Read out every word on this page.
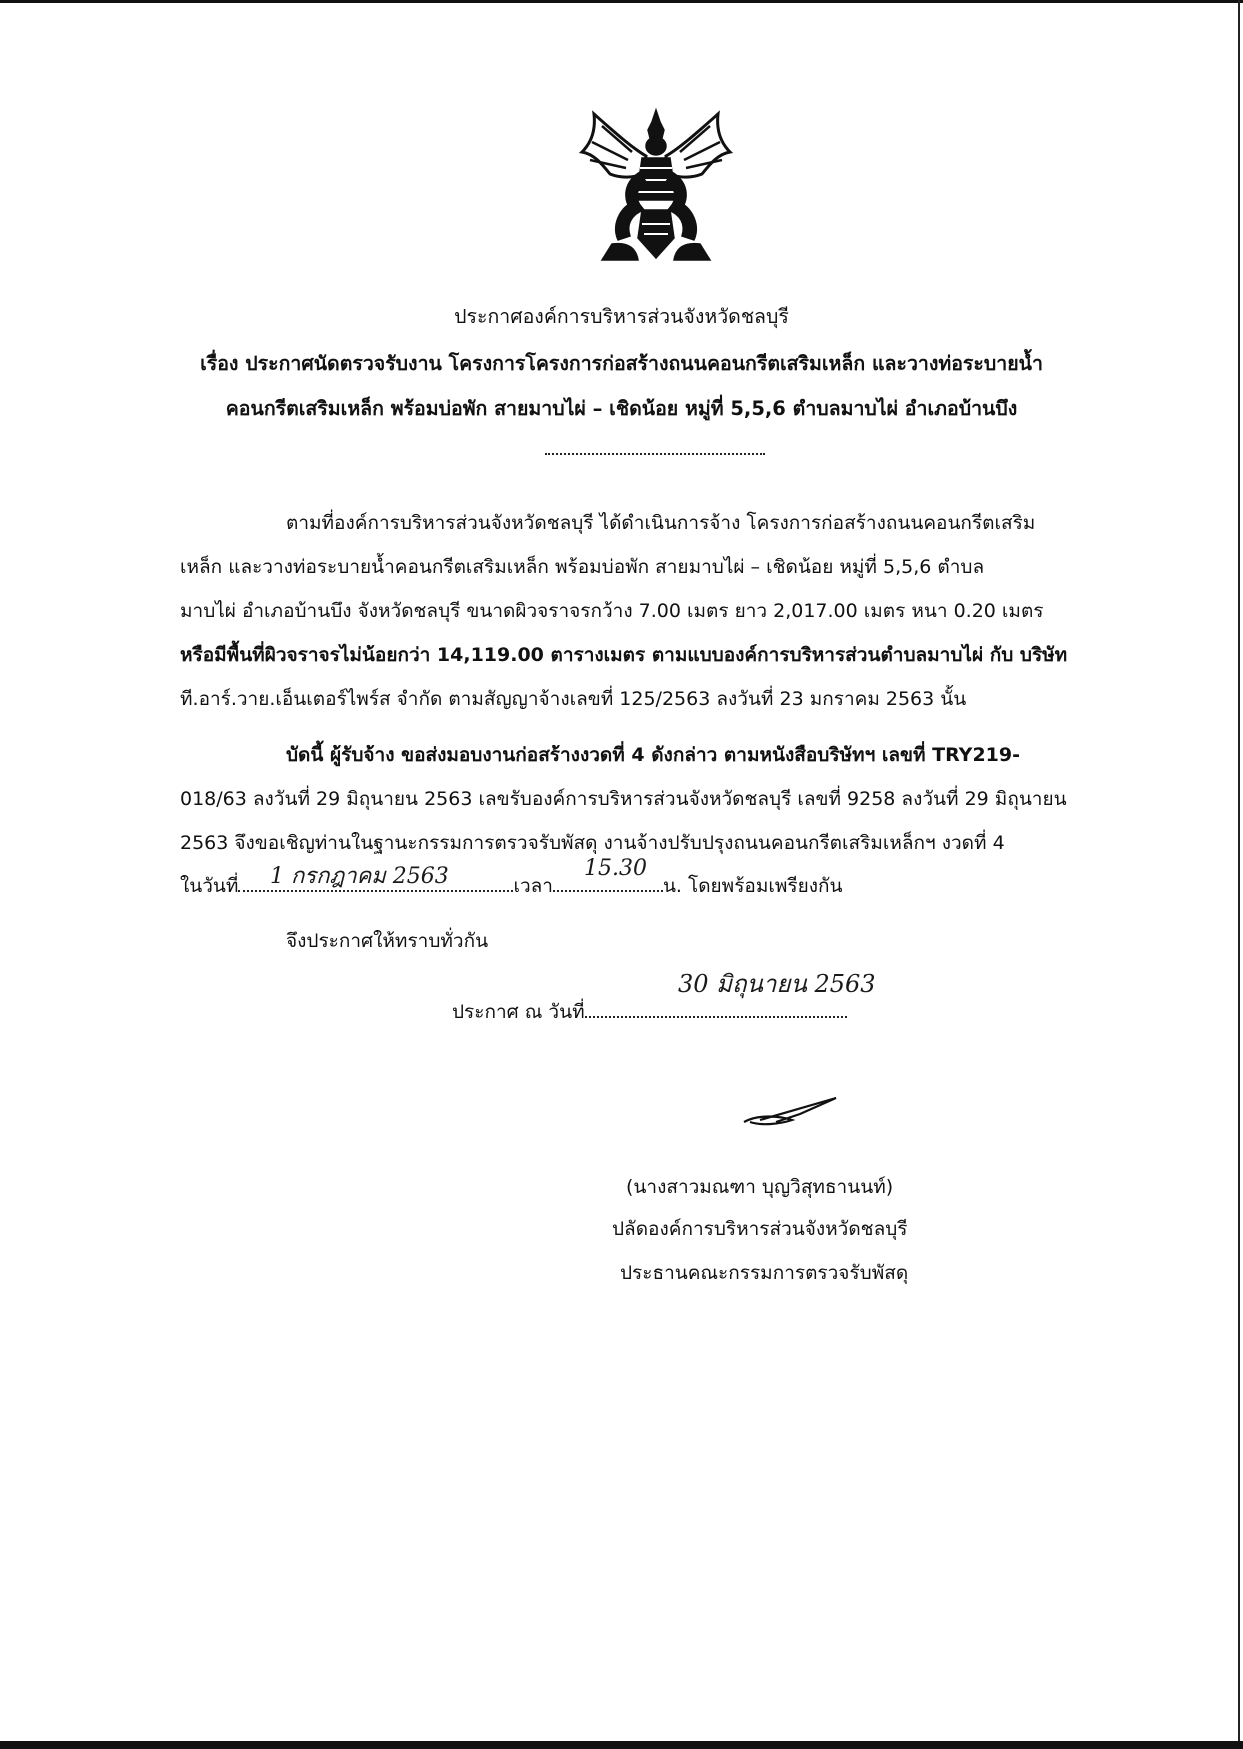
ประกาศองค์การบริหารส่วนจังหวัดชลบุรี
เรื่อง ประกาศนัดตรวจรับงาน โครงการโครงการก่อสร้างถนนคอนกรีตเสริมเหล็ก และวางท่อระบายน้ำ
คอนกรีตเสริมเหล็ก พร้อมบ่อพัก สายมาบไผ่ – เชิดน้อย หมู่ที่ 5,5,6 ตำบลมาบไผ่ อำเภอบ้านบึง
ตามที่องค์การบริหารส่วนจังหวัดชลบุรี ได้ดำเนินการจ้าง โครงการก่อสร้างถนนคอนกรีตเสริม
เหล็ก และวางท่อระบายน้ำคอนกรีตเสริมเหล็ก พร้อมบ่อพัก สายมาบไผ่ – เชิดน้อย หมู่ที่ 5,5,6 ตำบล
มาบไผ่ อำเภอบ้านบึง จังหวัดชลบุรี ขนาดผิวจราจรกว้าง 7.00 เมตร ยาว 2,017.00 เมตร หนา 0.20 เมตร
หรือมีพื้นที่ผิวจราจรไม่น้อยกว่า 14,119.00 ตารางเมตร ตามแบบองค์การบริหารส่วนตำบลมาบไผ่ กับ บริษัท
ที.อาร์.วาย.เอ็นเตอร์ไพร์ส จำกัด ตามสัญญาจ้างเลขที่ 125/2563 ลงวันที่ 23 มกราคม 2563 นั้น
บัดนี้ ผู้รับจ้าง ขอส่งมอบงานก่อสร้างงวดที่ 4 ดังกล่าว ตามหนังสือบริษัทฯ เลขที่ TRY219-
018/63 ลงวันที่ 29 มิถุนายน 2563 เลขรับองค์การบริหารส่วนจังหวัดชลบุรี เลขที่ 9258 ลงวันที่ 29 มิถุนายน
2563 จึงขอเชิญท่านในฐานะกรรมการตรวจรับพัสดุ งานจ้างปรับปรุงถนนคอนกรีตเสริมเหล็กฯ งวดที่ 4
ในวันที่	เวลา	น. โดยพร้อมเพรียงกัน
1 กรกฎาคม 2563	15.30
จึงประกาศให้ทราบทั่วกัน
ประกาศ ณ วันที่
30 มิถุนายน 2563
(นางสาวมณฑา บุญวิสุทธานนท์)
ปลัดองค์การบริหารส่วนจังหวัดชลบุรี
ประธานคณะกรรมการตรวจรับพัสดุ
